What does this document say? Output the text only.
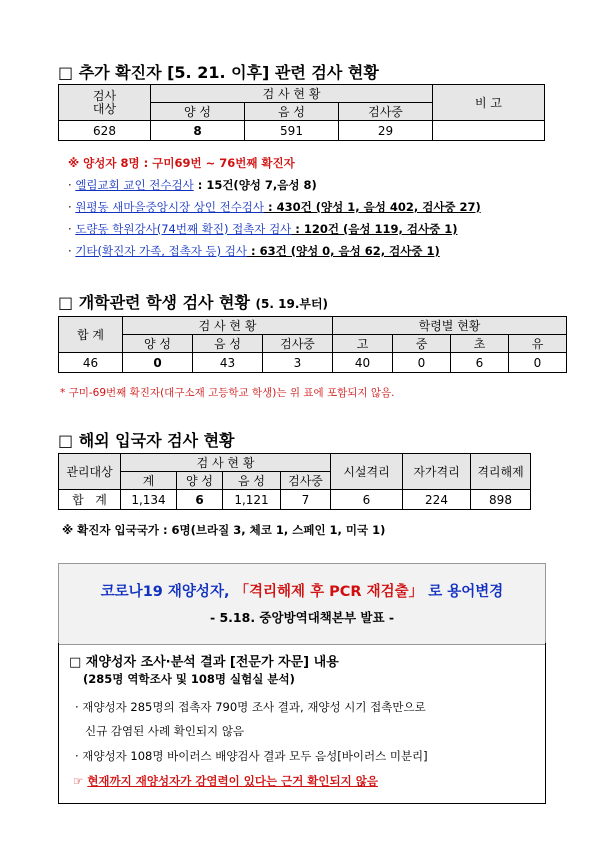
□ 추가 확진자 [5. 21. 이후] 관련 검사 현황
검사 대상	검 사 현 황			비 고
	양 성	음 성	검사중	
628	8	591	29	
※ 양성자 8명 : 구미69번 ~ 76번째 확진자
· 엘림교회 교인 전수검사 : 15건(양성 7,음성 8)
· 원평동 새마을중앙시장 상인 전수검사 : 430건 (양성 1, 음성 402, 검사중 27)
· 도량동 학원강사(74번째 확진) 접촉자 검사 : 120건 (음성 119, 검사중 1)
· 기타(확진자 가족, 접촉자 등) 검사 : 63건 (양성 0, 음성 62, 검사중 1)
□ 개학관련 학생 검사 현황 (5. 19.부터)
합 계	검 사 현 황			학령별 현황			
	양 성	음 성	검사중	고	중	초	유
46	0	43	3	40	0	6	0
* 구미-69번째 확진자(대구소재 고등학교 학생)는 위 표에 포함되지 않음.
□ 해외 입국자 검사 현황
관리대상	검 사 현 황				시설격리	자가격리	격리해제
	계	양 성	음 성	검사중			
합   계	1,134	6	1,121	7	6	224	898
※ 확진자 입국국가 : 6명(브라질 3, 체코 1, 스페인 1, 미국 1)
코로나19 재양성자, 「격리해제 후 PCR 재검출」 로 용어변경
- 5.18. 중앙방역대책본부 발표 -
□ 재양성자 조사·분석 결과 [전문가 자문] 내용
(285명 역학조사 및 108명 실험실 분석)
· 재양성자 285명의 접촉자 790명 조사 결과, 재양성 시기 접촉만으로
신규 감염된 사례 확인되지 않음
· 재양성자 108명 바이러스 배양검사 결과 모두 음성[바이러스 미분리]
☞ 현재까지 재양성자가 감염력이 있다는 근거 확인되지 않음
